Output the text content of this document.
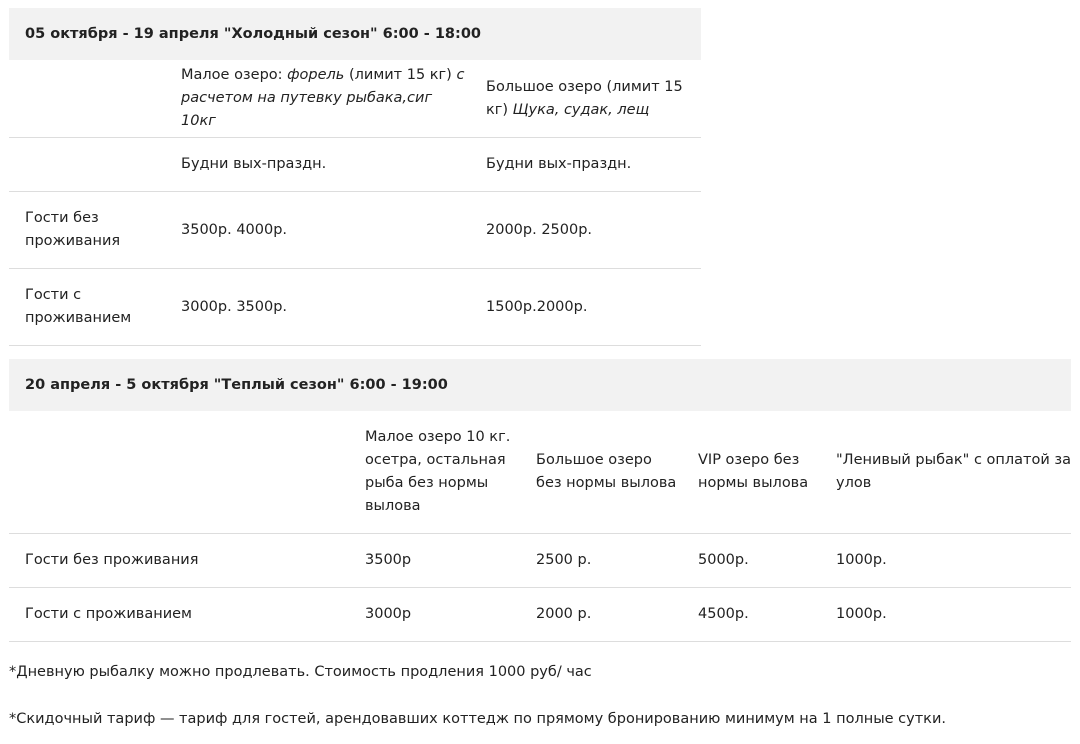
05 октября - 19 апреля "Холодный сезон" 6:00 - 18:00		
	Малое озеро: форель (лимит 15 кг) с расчетом на путевку рыбака,сиг 10кг	Большое озеро (лимит 15 кг) Щука, судак, лещ
	Будни вых-праздн.	Будни вых-праздн.
Гости без проживания	3500р. 4000р.	2000р. 2500р.
Гости с проживанием	3000р. 3500р.	1500р.2000р.
20 апреля - 5 октября "Теплый сезон" 6:00 - 19:00				
	Малое озеро 10 кг. осетра, остальная рыба без нормы вылова	Большое озеро без нормы вылова	VIP озеро без нормы вылова	"Ленивый рыбак" с оплатой за улов
Гости без проживания	3500р	2500 р.	5000р.	1000р.
Гости с проживанием	3000р	2000 р.	4500р.	1000р.

*Дневную рыбалку можно продлевать. Стоимость продления 1000 руб/ час

*Скидочный тариф — тариф для гостей, арендовавших коттедж по прямому бронированию минимум на 1 полные сутки.
